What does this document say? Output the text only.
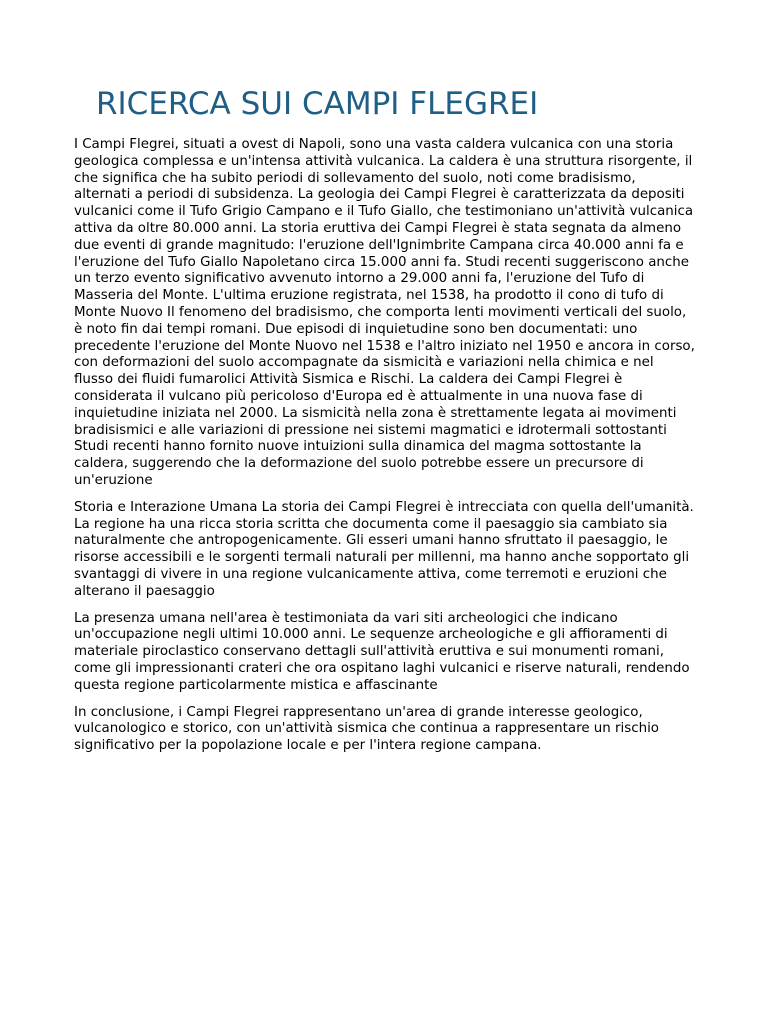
RICERCA SUI CAMPI FLEGREI

I Campi Flegrei, situati a ovest di Napoli, sono una vasta caldera vulcanica con una storia geologica complessa e un'intensa attività vulcanica. La caldera è una struttura risorgente, il che significa che ha subito periodi di sollevamento del suolo, noti come bradisismo, alternati a periodi di subsidenza. La geologia dei Campi Flegrei è caratterizzata da depositi vulcanici come il Tufo Grigio Campano e il Tufo Giallo, che testimoniano un'attività vulcanica attiva da oltre 80.000 anni. La storia eruttiva dei Campi Flegrei è stata segnata da almeno due eventi di grande magnitudo: l'eruzione dell'Ignimbrite Campana circa 40.000 anni fa e l'eruzione del Tufo Giallo Napoletano circa 15.000 anni fa. Studi recenti suggeriscono anche un terzo evento significativo avvenuto intorno a 29.000 anni fa, l'eruzione del Tufo di Masseria del Monte. L'ultima eruzione registrata, nel 1538, ha prodotto il cono di tufo di Monte Nuovo Il fenomeno del bradisismo, che comporta lenti movimenti verticali del suolo, è noto fin dai tempi romani. Due episodi di inquietudine sono ben documentati: uno precedente l'eruzione del Monte Nuovo nel 1538 e l'altro iniziato nel 1950 e ancora in corso, con deformazioni del suolo accompagnate da sismicità e variazioni nella chimica e nel flusso dei fluidi fumarolici Attività Sismica e Rischi. La caldera dei Campi Flegrei è considerata il vulcano più pericoloso d'Europa ed è attualmente in una nuova fase di inquietudine iniziata nel 2000. La sismicità nella zona è strettamente legata ai movimenti bradisismici e alle variazioni di pressione nei sistemi magmatici e idrotermali sottostanti Studi recenti hanno fornito nuove intuizioni sulla dinamica del magma sottostante la caldera, suggerendo che la deformazione del suolo potrebbe essere un precursore di un'eruzione

Storia e Interazione Umana La storia dei Campi Flegrei è intrecciata con quella dell'umanità. La regione ha una ricca storia scritta che documenta come il paesaggio sia cambiato sia naturalmente che antropogenicamente. Gli esseri umani hanno sfruttato il paesaggio, le risorse accessibili e le sorgenti termali naturali per millenni, ma hanno anche sopportato gli svantaggi di vivere in una regione vulcanicamente attiva, come terremoti e eruzioni che alterano il paesaggio

La presenza umana nell'area è testimoniata da vari siti archeologici che indicano un'occupazione negli ultimi 10.000 anni. Le sequenze archeologiche e gli affioramenti di materiale piroclastico conservano dettagli sull'attività eruttiva e sui monumenti romani, come gli impressionanti crateri che ora ospitano laghi vulcanici e riserve naturali, rendendo questa regione particolarmente mistica e affascinante

In conclusione, i Campi Flegrei rappresentano un'area di grande interesse geologico, vulcanologico e storico, con un'attività sismica che continua a rappresentare un rischio significativo per la popolazione locale e per l'intera regione campana.
